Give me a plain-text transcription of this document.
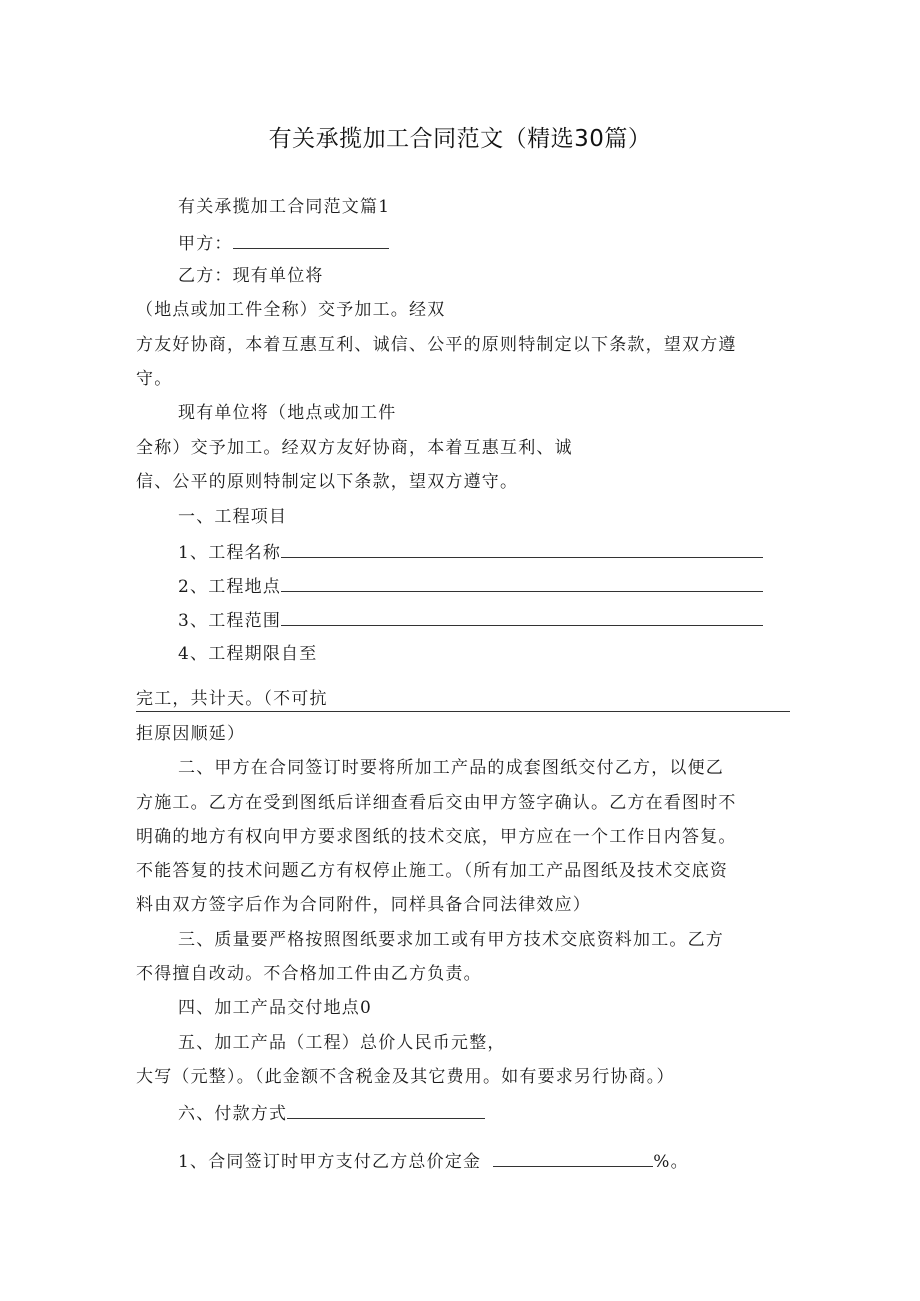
有关承揽加工合同范文（精选30篇）
有关承揽加工合同范文篇1
甲方：
乙方：现有单位将
（地点或加工件全称）交予加工。经双
方友好协商，本着互惠互利、诚信、公平的原则特制定以下条款，望双方遵
守。
现有单位将（地点或加工件
全称）交予加工。经双方友好协商，本着互惠互利、诚
信、公平的原则特制定以下条款，望双方遵守。
一、工程项目
1、工程名称
2、工程地点
3、工程范围
4、工程期限自至
完工，共计天。（不可抗
拒原因顺延）
二、甲方在合同签订时要将所加工产品的成套图纸交付乙方，以便乙
方施工。乙方在受到图纸后详细查看后交由甲方签字确认。乙方在看图时不
明确的地方有权向甲方要求图纸的技术交底，甲方应在一个工作日内答复。
不能答复的技术问题乙方有权停止施工。（所有加工产品图纸及技术交底资
料由双方签字后作为合同附件，同样具备合同法律效应）
三、质量要严格按照图纸要求加工或有甲方技术交底资料加工。乙方
不得擅自改动。不合格加工件由乙方负责。
四、加工产品交付地点0
五、加工产品（工程）总价人民币元整，
大写（元整）。（此金额不含税金及其它费用。如有要求另行协商。）
六、付款方式
1、合同签订时甲方支付乙方总价定金	%。
